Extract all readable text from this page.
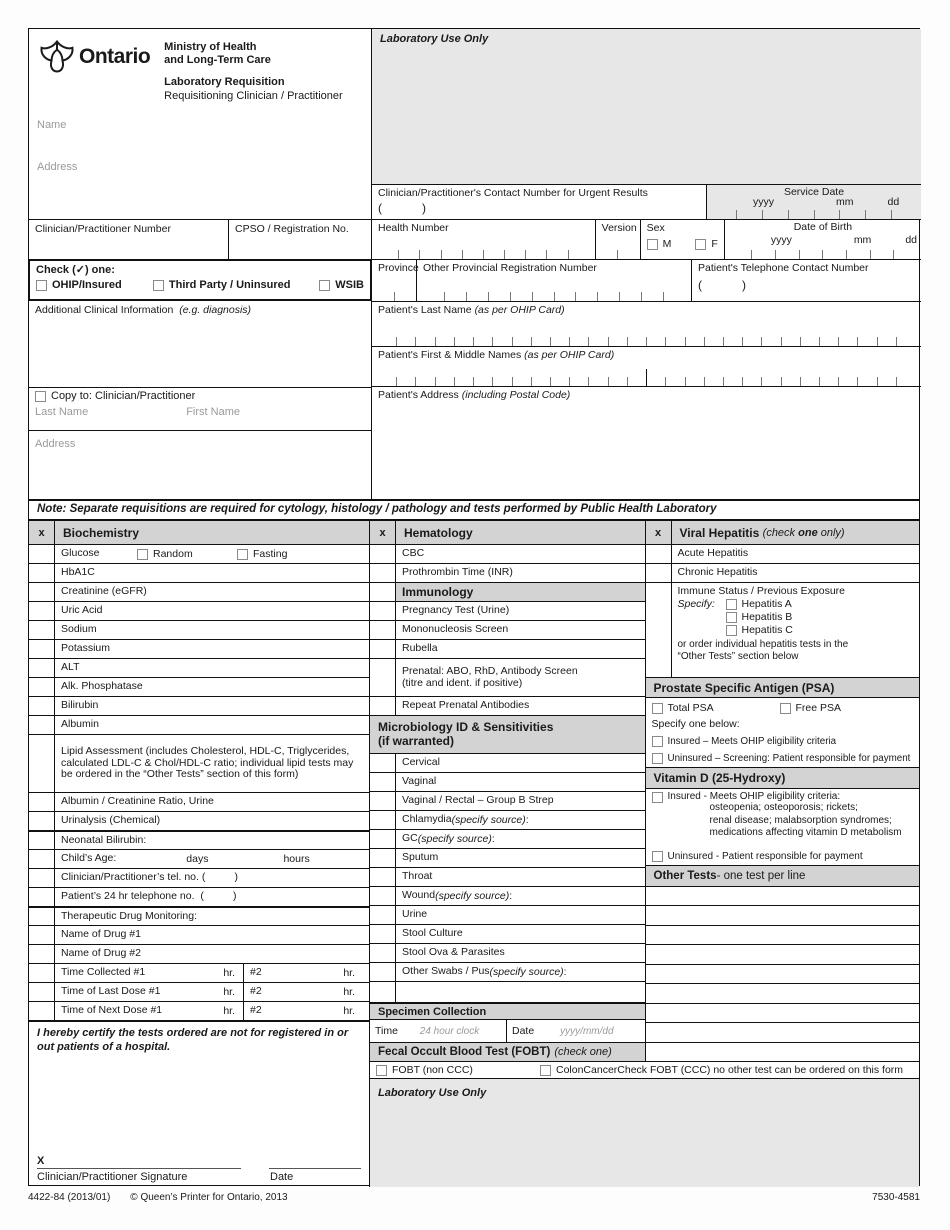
Ontario Ministry of Health
and Long-Term Care
Laboratory Requisition
Requisitioning Clinician / Practitioner
Name
Address
Clinician/Practitioner Number	CPSO / Registration No.
Check (✓) one:
OHIP/Insured	Third Party / Uninsured	WSIB
Additional Clinical Information (e.g. diagnosis)
Copy to: Clinician/Practitioner
Last Name	First Name
Address
Laboratory Use Only
Clinician/Practitioner's Contact Number for Urgent Results
(            )
Service Date
yyyy	mm	dd
Health Number	Version Sex
M	F
Date of Birth
yyyy	mm	dd
Province Other Provincial Registration Number	Patient's Telephone Contact Number
(            )
Patient's Last Name (as per OHIP Card)
Patient's First & Middle Names (as per OHIP Card)
Patient's Address (including Postal Code)
Note: Separate requisitions are required for cytology, histology / pathology and tests performed by Public Health Laboratory
x	Biochemistry
Glucose	Random	Fasting
HbA1C
Creatinine (eGFR)
Uric Acid
Sodium
Potassium
ALT
Alk. Phosphatase
Bilirubin
Albumin
Lipid Assessment (includes Cholesterol, HDL-C, Triglycerides, calculated LDL-C & Chol/HDL-C ratio; individual lipid tests may be ordered in the “Other Tests” section of this form)
Albumin / Creatinine Ratio, Urine
Urinalysis (Chemical)
Neonatal Bilirubin:
Child’s Age:	days	hours
Clinician/Practitioner’s tel. no. (          )
Patient’s 24 hr telephone no.  (          )
Therapeutic Drug Monitoring:
Name of Drug #1
Name of Drug #2
Time Collected #1	hr. #2	hr.
Time of Last Dose #1	hr. #2	hr.
Time of Next Dose #1	hr. #2	hr.
I hereby certify the tests ordered are not for registered in or out patients of a hospital.
X
Clinician/Practitioner Signature	Date
x	Hematology
CBC
Prothrombin Time (INR)
Immunology
Pregnancy Test (Urine)
Mononucleosis Screen
Rubella
Prenatal: ABO, RhD, Antibody Screen
(titre and ident. if positive)
Repeat Prenatal Antibodies
Microbiology ID & Sensitivities
(if warranted)
Cervical
Vaginal
Vaginal / Rectal – Group B Strep
Chlamydia (specify source) :
GC (specify source) :
Sputum
Throat
Wound (specify source) :
Urine
Stool Culture
Stool Ova & Parasites
Other Swabs / Pus (specify source) :
Specimen Collection
Time 24 hour clock	Date	yyyy/mm/dd
Fecal Occult Blood Test (FOBT) (check one)
x	Viral Hepatitis
(check one only)
Acute Hepatitis
Chronic Hepatitis
Immune Status / Previous Exposure
Specify:	Hepatitis A
Hepatitis B
Hepatitis C
or order individual hepatitis tests in the
“Other Tests” section below
Prostate Specific Antigen (PSA)
Total PSA	Free PSA
Specify one below:
Insured – Meets OHIP eligibility criteria
Uninsured – Screening: Patient responsible for payment
Vitamin D (25-Hydroxy)
Insured - Meets OHIP eligibility criteria:
osteopenia; osteoporosis; rickets;
renal disease; malabsorption syndromes;
medications affecting vitamin D metabolism
Uninsured - Patient responsible for payment
Other Tests - one test per line
FOBT (non CCC)	ColonCancerCheck FOBT (CCC) no other test can be ordered on this form
Laboratory Use Only
4422-84 (2013/01) © Queen’s Printer for Ontario, 2013	7530-4581
